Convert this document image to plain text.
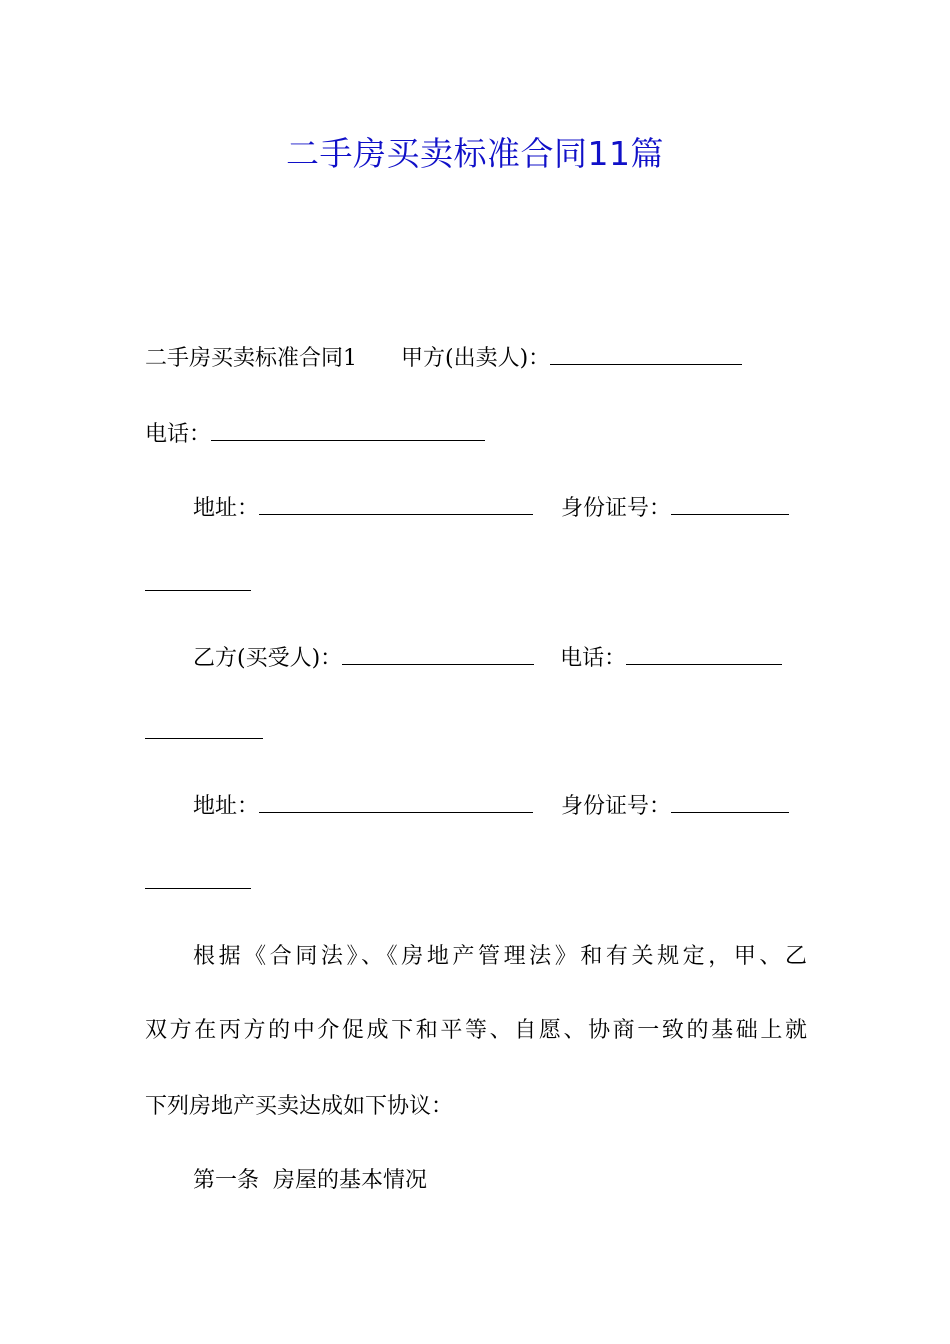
二手房买卖标准合同11篇
二手房买卖标准合同1 甲方(出卖人)：
电话：
地址：	身份证号：
乙方(买受人)：	电话：
地址：	身份证号：
根据《合同法》、《房地产管理法》和有关规定，甲、乙
双方在丙方的中介促成下和平等、自愿、协商一致的基础上就
下列房地产买卖达成如下协议：
第一条  房屋的基本情况
